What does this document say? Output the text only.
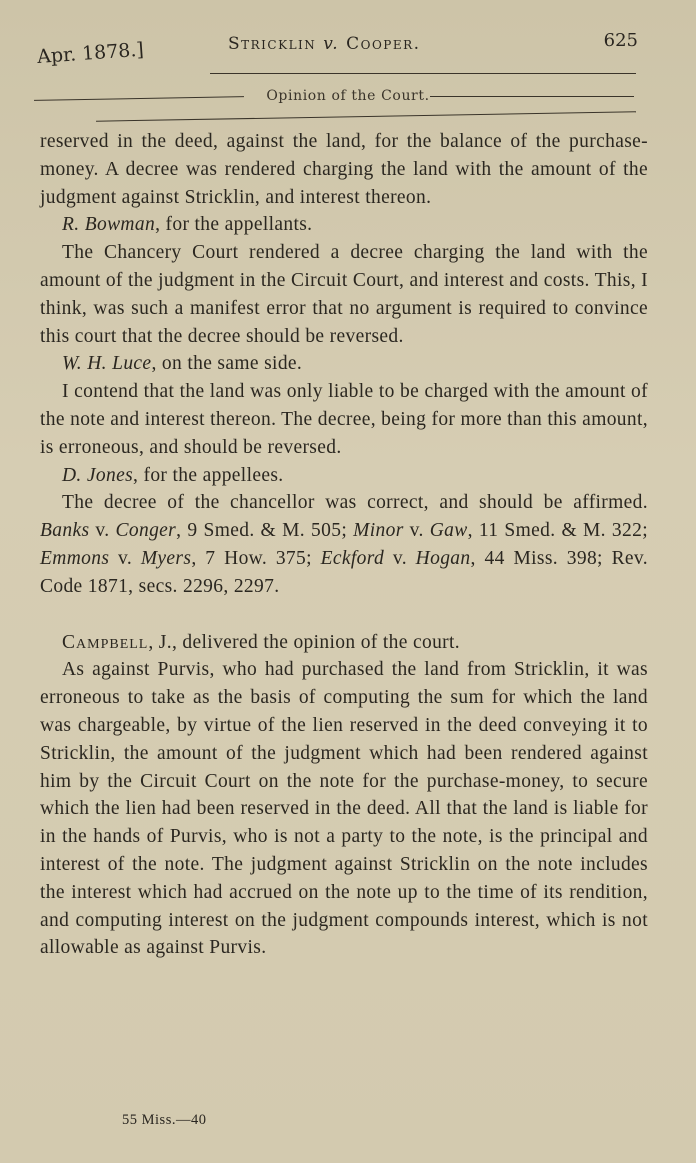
Apr. 1878.]	Stricklin v. Cooper.	625
Opinion of the Court.

reserved in the deed, against the land, for the balance of the purchase-money. A decree was rendered charging the land with the amount of the judgment against Stricklin, and interest thereon.

R. Bowman, for the appellants.

The Chancery Court rendered a decree charging the land with the amount of the judgment in the Circuit Court, and interest and costs. This, I think, was such a manifest error that no argument is required to convince this court that the decree should be reversed.

W. H. Luce, on the same side.

I contend that the land was only liable to be charged with the amount of the note and interest thereon. The decree, being for more than this amount, is erroneous, and should be reversed.

D. Jones, for the appellees.

The decree of the chancellor was correct, and should be affirmed. Banks v. Conger, 9 Smed. & M. 505; Minor v. Gaw, 11 Smed. & M. 322; Emmons v. Myers, 7 How. 375; Eckford v. Hogan, 44 Miss. 398; Rev. Code 1871, secs. 2296, 2297.

Campbell, J., delivered the opinion of the court.

As against Purvis, who had purchased the land from Stricklin, it was erroneous to take as the basis of computing the sum for which the land was chargeable, by virtue of the lien reserved in the deed conveying it to Stricklin, the amount of the judgment which had been rendered against him by the Circuit Court on the note for the purchase-money, to secure which the lien had been reserved in the deed. All that the land is liable for in the hands of Purvis, who is not a party to the note, is the principal and interest of the note. The judgment against Stricklin on the note includes the interest which had accrued on the note up to the time of its rendition, and computing interest on the judgment compounds interest, which is not allowable as against Purvis.

55 Miss.—40
